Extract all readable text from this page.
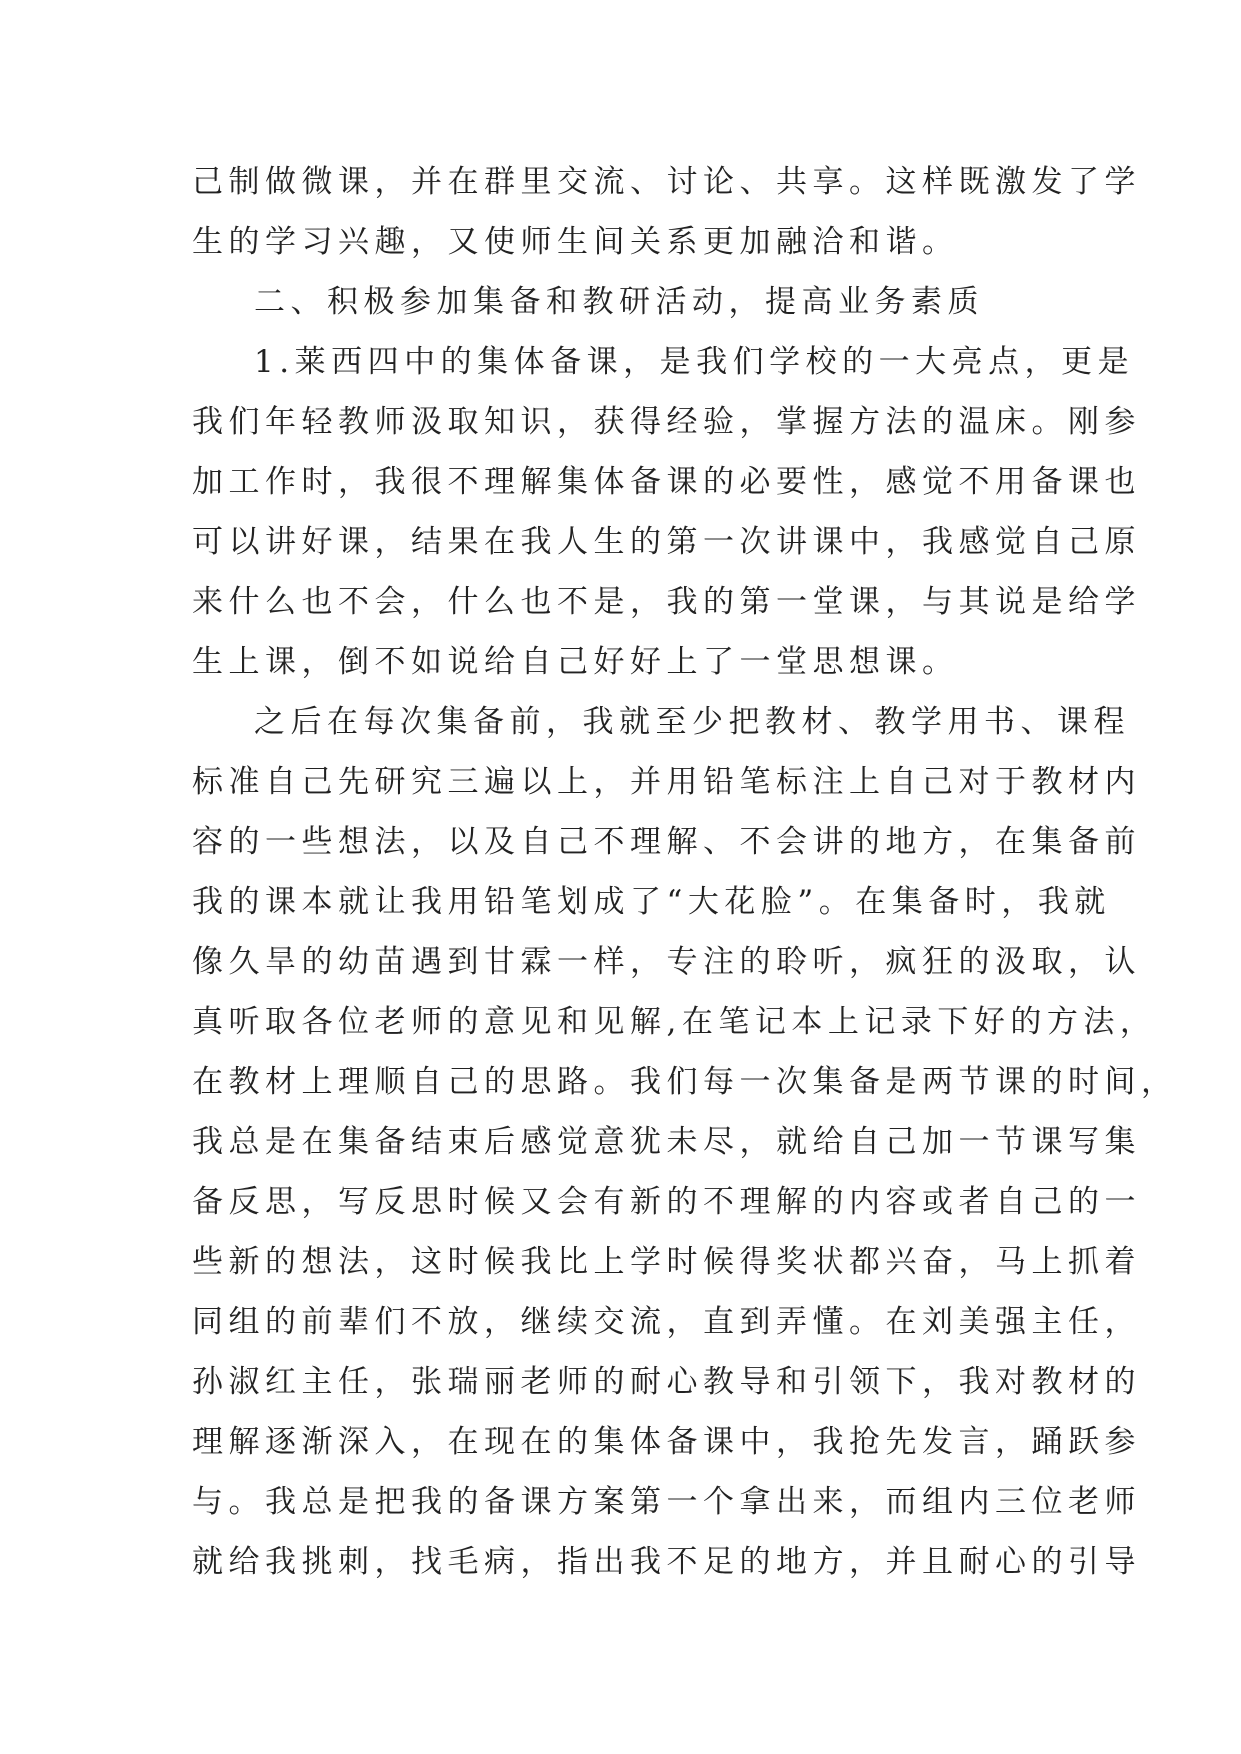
己制做微课，并在群里交流、讨论、共享。这样既激发了学
生的学习兴趣，又使师生间关系更加融洽和谐。
二、积极参加集备和教研活动，提高业务素质
1.莱西四中的集体备课，是我们学校的一大亮点，更是
我们年轻教师汲取知识，获得经验，掌握方法的温床。刚参
加工作时，我很不理解集体备课的必要性，感觉不用备课也
可以讲好课，结果在我人生的第一次讲课中，我感觉自己原
来什么也不会，什么也不是，我的第一堂课，与其说是给学
生上课，倒不如说给自己好好上了一堂思想课。
之后在每次集备前，我就至少把教材、教学用书、课程
标准自己先研究三遍以上，并用铅笔标注上自己对于教材内
容的一些想法，以及自己不理解、不会讲的地方，在集备前
我的课本就让我用铅笔划成了“大花脸”。在集备时，我就
像久旱的幼苗遇到甘霖一样，专注的聆听，疯狂的汲取，认
真听取各位老师的意见和见解,在笔记本上记录下好的方法，
在教材上理顺自己的思路。我们每一次集备是两节课的时间，
我总是在集备结束后感觉意犹未尽，就给自己加一节课写集
备反思，写反思时候又会有新的不理解的内容或者自己的一
些新的想法，这时候我比上学时候得奖状都兴奋，马上抓着
同组的前辈们不放，继续交流，直到弄懂。在刘美强主任，
孙淑红主任，张瑞丽老师的耐心教导和引领下，我对教材的
理解逐渐深入，在现在的集体备课中，我抢先发言，踊跃参
与。我总是把我的备课方案第一个拿出来，而组内三位老师
就给我挑刺，找毛病，指出我不足的地方，并且耐心的引导
